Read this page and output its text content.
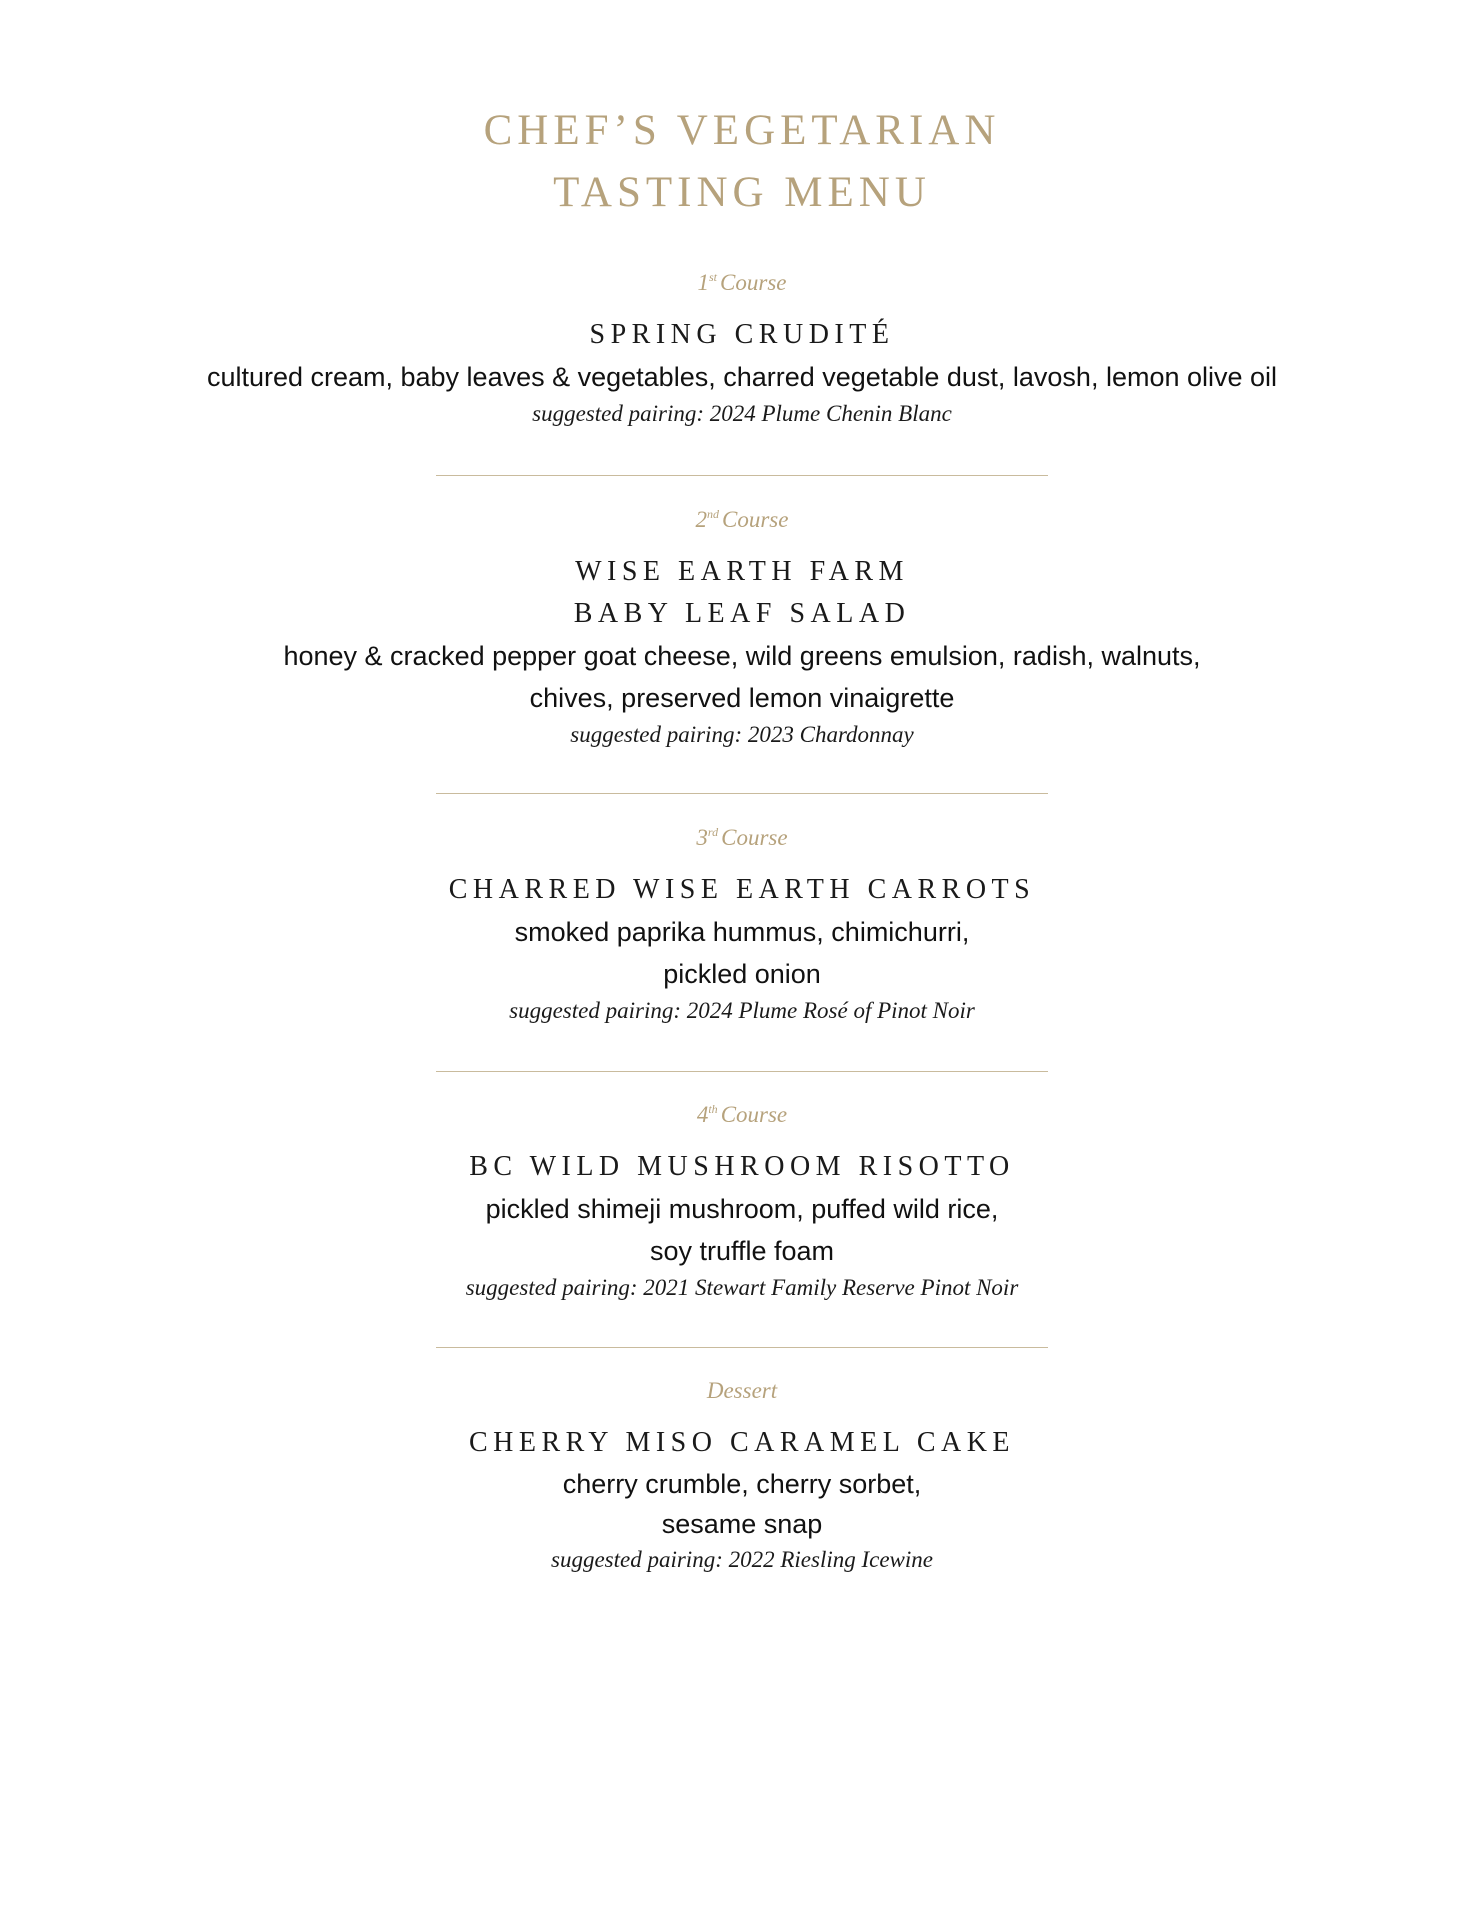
CHEF’S VEGETARIAN
TASTING MENU
1st Course
SPRING CRUDITÉ
cultured cream, baby leaves & vegetables, charred vegetable dust, lavosh, lemon olive oil
suggested pairing: 2024 Plume Chenin Blanc
2nd Course
WISE EARTH FARM
BABY LEAF SALAD
honey & cracked pepper goat cheese, wild greens emulsion, radish, walnuts,
chives, preserved lemon vinaigrette
suggested pairing: 2023 Chardonnay
3rd Course
CHARRED WISE EARTH CARROTS
smoked paprika hummus, chimichurri,
pickled onion
suggested pairing: 2024 Plume Rosé of Pinot Noir
4th Course
BC WILD MUSHROOM RISOTTO
pickled shimeji mushroom, puffed wild rice,
soy truffle foam
suggested pairing: 2021 Stewart Family Reserve Pinot Noir
Dessert
CHERRY MISO CARAMEL CAKE
cherry crumble, cherry sorbet,
sesame snap
suggested pairing: 2022 Riesling Icewine
